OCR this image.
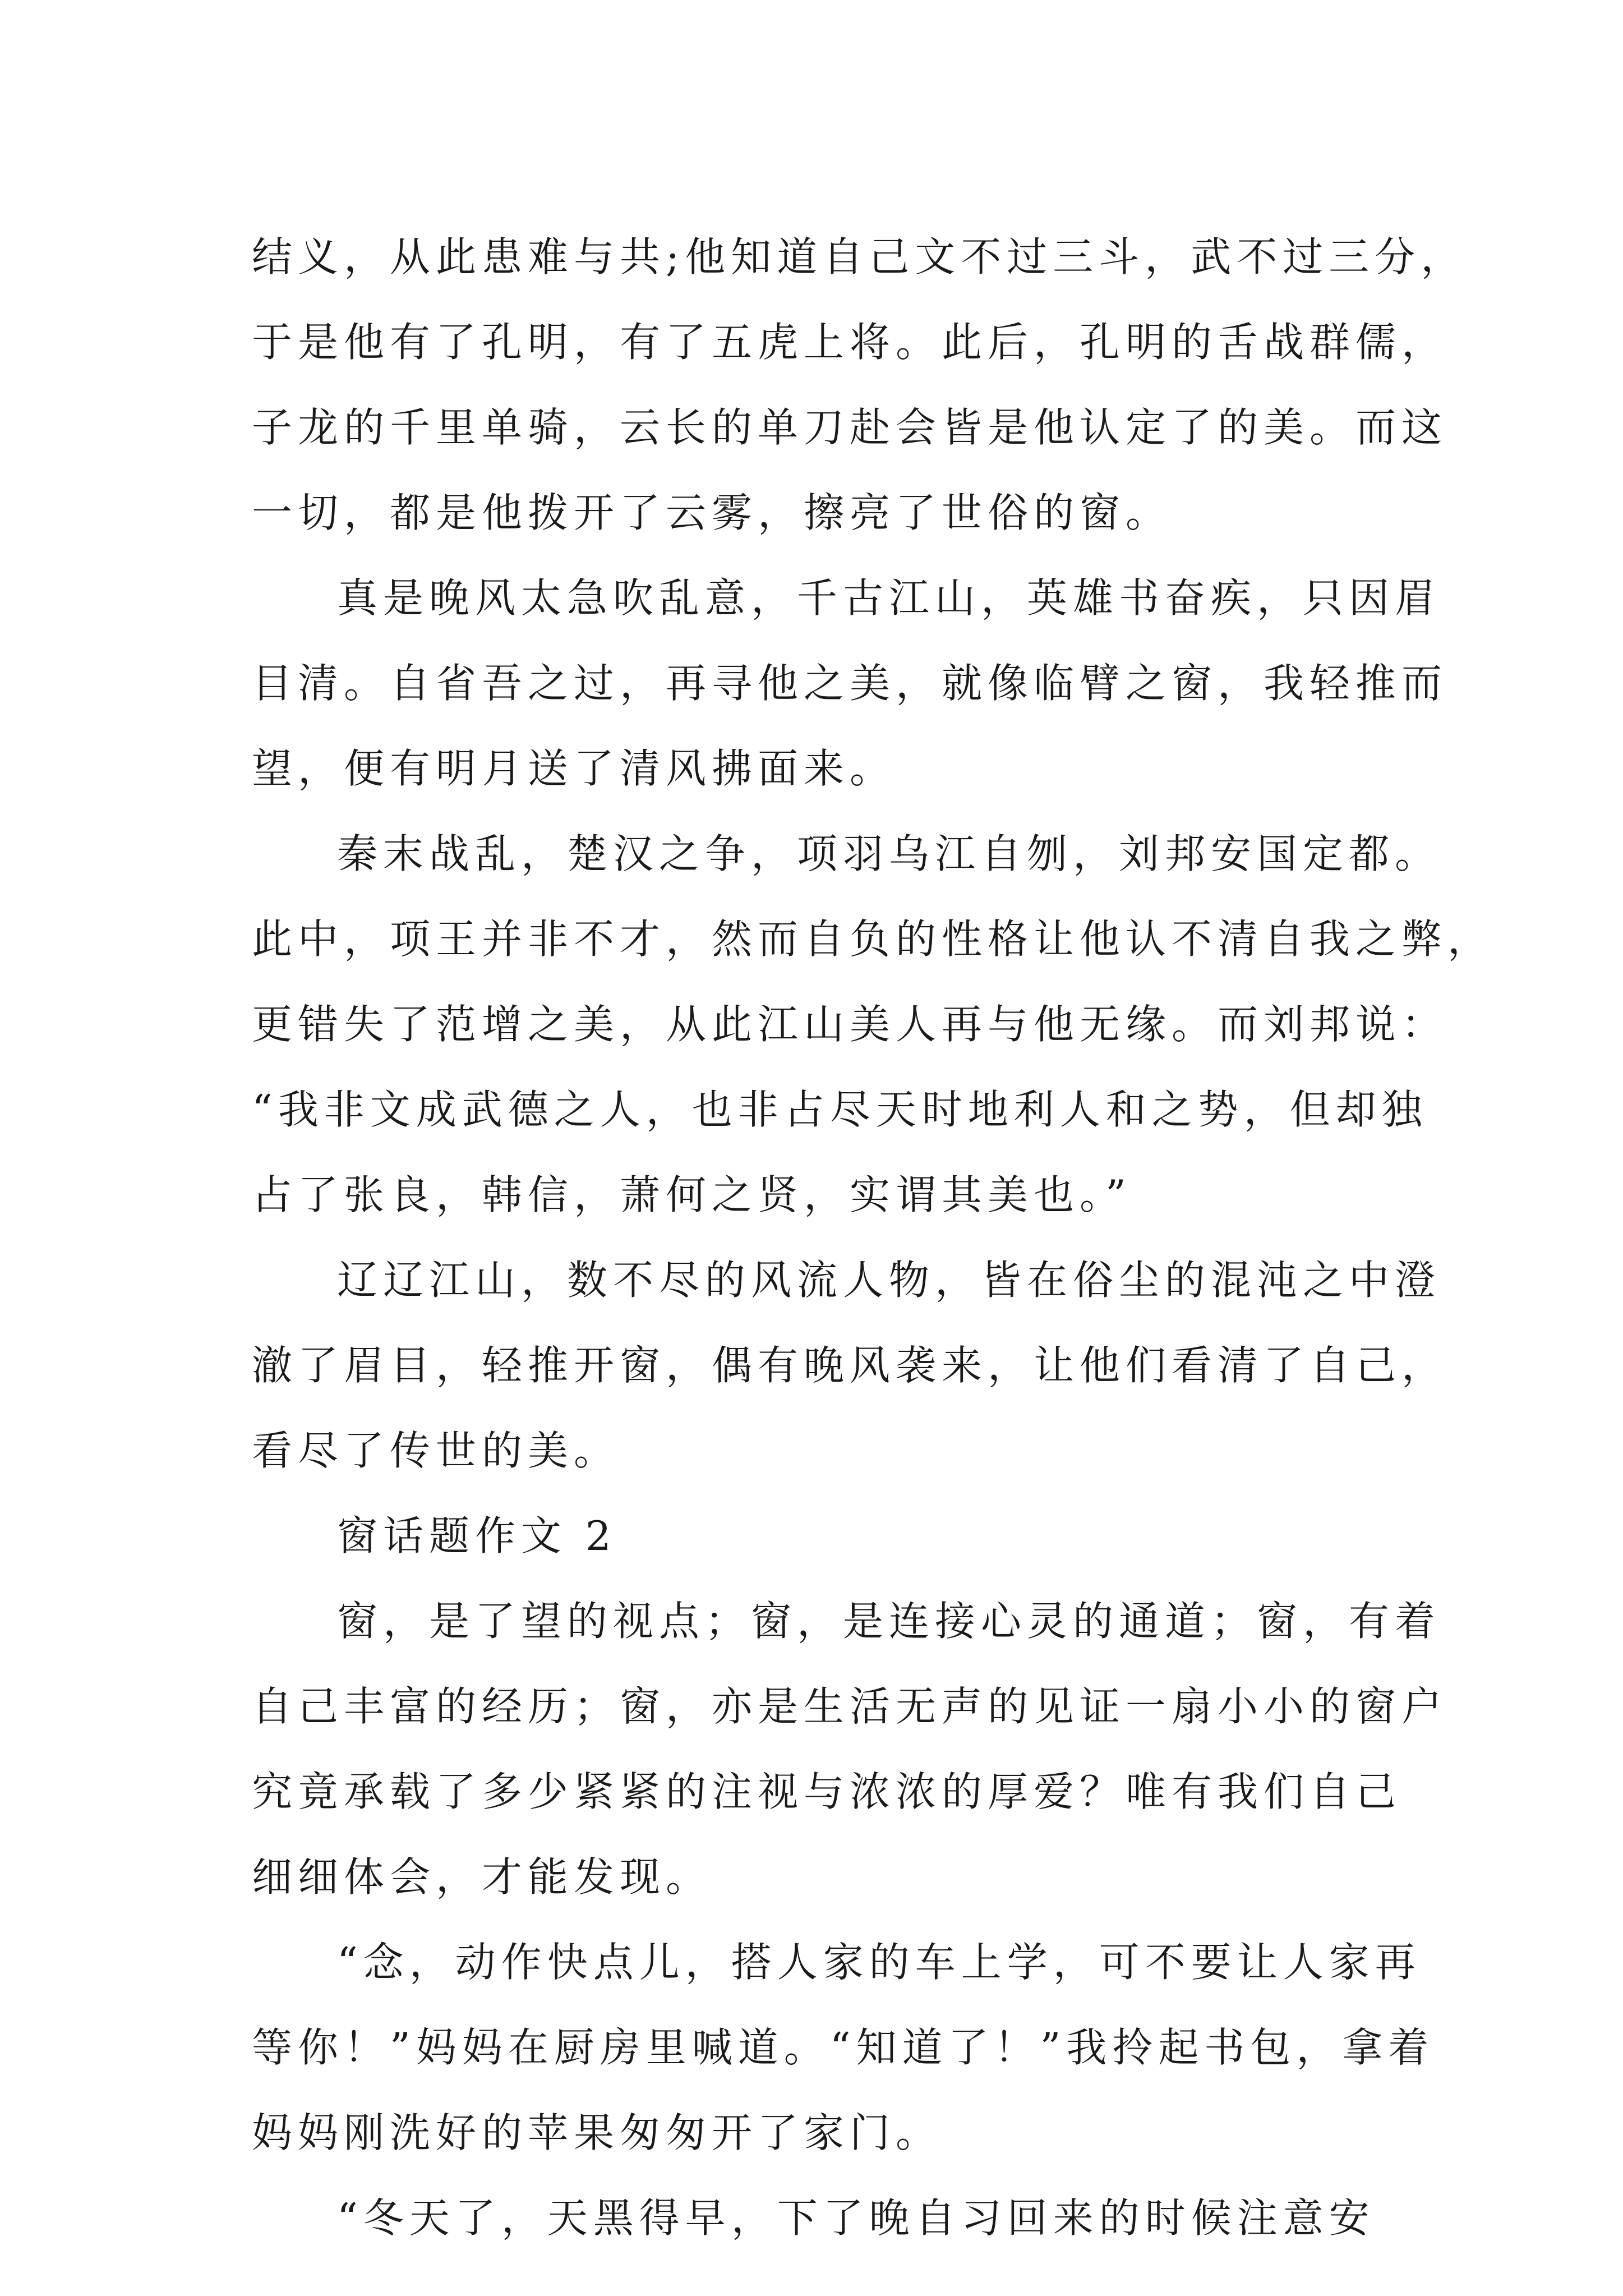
结义，从此患难与共;他知道自己文不过三斗，武不过三分，
于是他有了孔明，有了五虎上将。此后，孔明的舌战群儒，
子龙的千里单骑，云长的单刀赴会皆是他认定了的美。而这
一切，都是他拨开了云雾，擦亮了世俗的窗。
真是晚风太急吹乱意，千古江山，英雄书奋疾，只因眉
目清。自省吾之过，再寻他之美，就像临臂之窗，我轻推而
望，便有明月送了清风拂面来。
秦末战乱，楚汉之争，项羽乌江自刎，刘邦安国定都。
此中，项王并非不才，然而自负的性格让他认不清自我之弊，
更错失了范增之美，从此江山美人再与他无缘。而刘邦说：
“我非文成武德之人，也非占尽天时地利人和之势，但却独
占了张良，韩信，萧何之贤，实谓其美也。”
辽辽江山，数不尽的风流人物，皆在俗尘的混沌之中澄
澈了眉目，轻推开窗，偶有晚风袭来，让他们看清了自己，
看尽了传世的美。
窗话题作文 2
窗，是了望的视点；窗，是连接心灵的通道；窗，有着
自己丰富的经历；窗，亦是生活无声的见证一扇小小的窗户
究竟承载了多少紧紧的注视与浓浓的厚爱？唯有我们自己
细细体会，才能发现。
“念，动作快点儿，搭人家的车上学，可不要让人家再
等你！”妈妈在厨房里喊道。“知道了！”我拎起书包，拿着
妈妈刚洗好的苹果匆匆开了家门。
“冬天了，天黑得早，下了晚自习回来的时候注意安
